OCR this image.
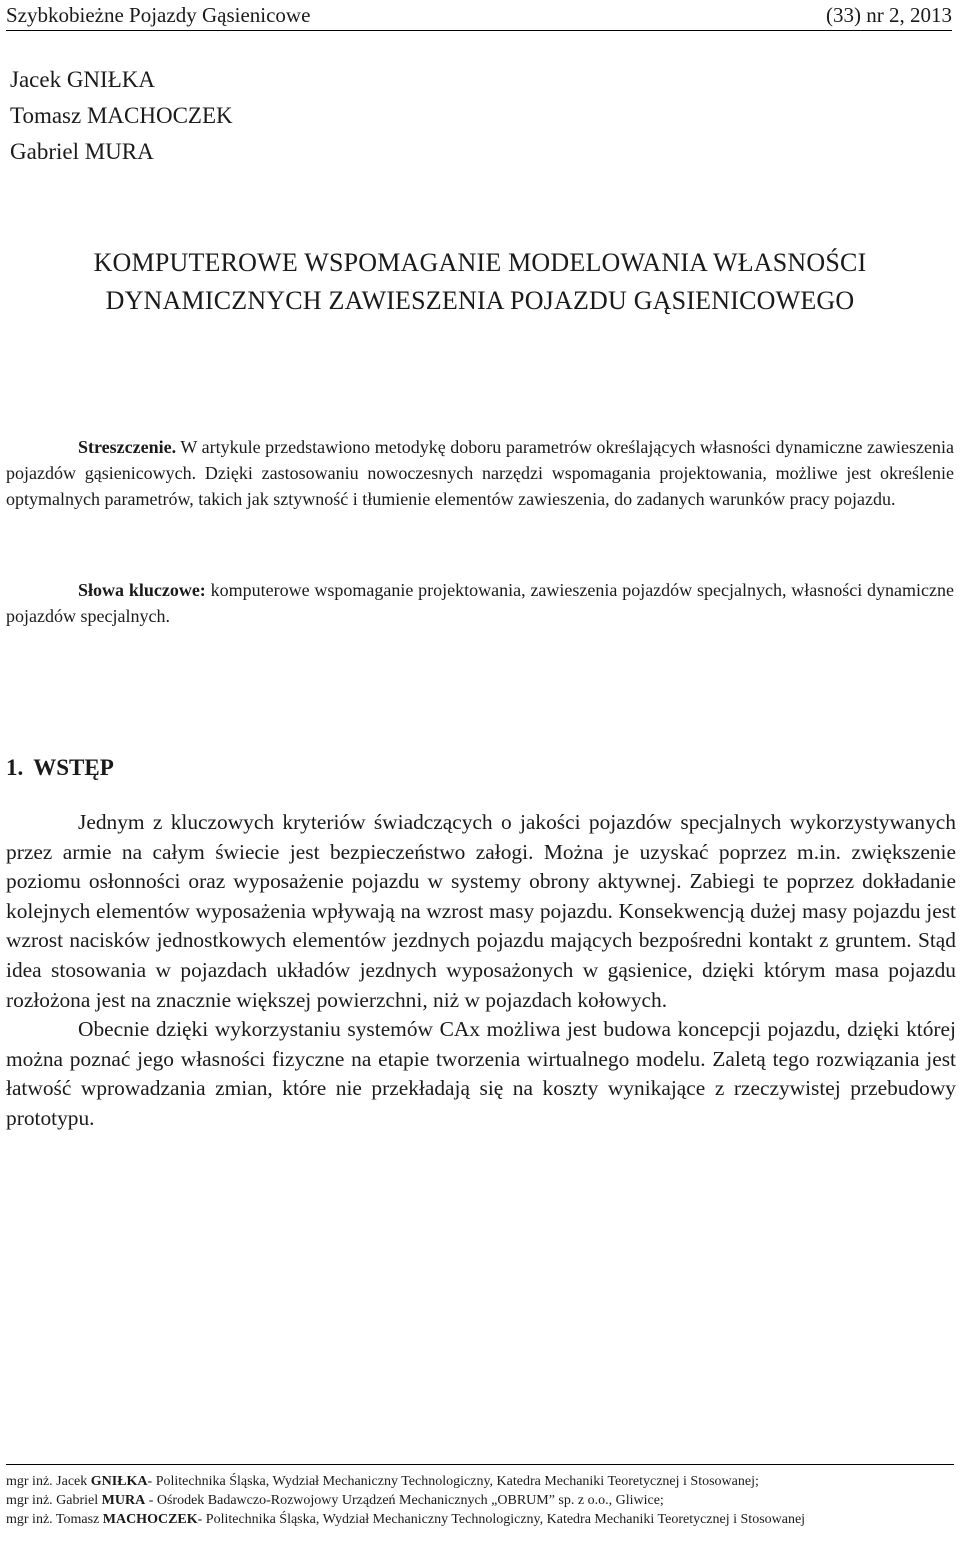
Szybkobieżne Pojazdy Gąsienicowe	(33) nr 2, 2013
Jacek GNIŁKA
Tomasz MACHOCZEK
Gabriel MURA
KOMPUTEROWE WSPOMAGANIE MODELOWANIA WŁASNOŚCI
DYNAMICZNYCH ZAWIESZENIA POJAZDU GĄSIENICOWEGO
Streszczenie. W artykule przedstawiono metodykę doboru parametrów określających własności dynamiczne zawieszenia pojazdów gąsienicowych. Dzięki zastosowaniu nowoczesnych narzędzi wspomagania projektowania, możliwe jest określenie optymalnych parametrów, takich jak sztywność i tłumienie elementów zawieszenia, do zadanych warunków pracy pojazdu.
Słowa kluczowe: komputerowe wspomaganie projektowania, zawieszenia pojazdów specjalnych, własności dynamiczne pojazdów specjalnych.
1. WSTĘP

Jednym z kluczowych kryteriów świadczących o jakości pojazdów specjalnych wykorzystywanych przez armie na całym świecie jest bezpieczeństwo załogi. Można je uzyskać poprzez m.in. zwiększenie poziomu osłonności oraz wyposażenie pojazdu w systemy obrony aktywnej. Zabiegi te poprzez dokładanie kolejnych elementów wyposażenia wpływają na wzrost masy pojazdu. Konsekwencją dużej masy pojazdu jest wzrost nacisków jednostkowych elementów jezdnych pojazdu mających bezpośredni kontakt z gruntem. Stąd idea stosowania w pojazdach układów jezdnych wyposażonych w gąsienice, dzięki którym masa pojazdu rozłożona jest na znacznie większej powierzchni, niż w pojazdach kołowych.

Obecnie dzięki wykorzystaniu systemów CAx możliwa jest budowa koncepcji pojazdu, dzięki której można poznać jego własności fizyczne na etapie tworzenia wirtualnego modelu. Zaletą tego rozwiązania jest łatwość wprowadzania zmian, które nie przekładają się na koszty wynikające z rzeczywistej przebudowy prototypu.

mgr inż. Jacek GNIŁKA- Politechnika Śląska, Wydział Mechaniczny Technologiczny, Katedra Mechaniki Teoretycznej i Stosowanej;

mgr inż. Gabriel MURA - Ośrodek Badawczo-Rozwojowy Urządzeń Mechanicznych „OBRUM” sp. z o.o., Gliwice;

mgr inż. Tomasz MACHOCZEK- Politechnika Śląska, Wydział Mechaniczny Technologiczny, Katedra Mechaniki Teoretycznej i Stosowanej
